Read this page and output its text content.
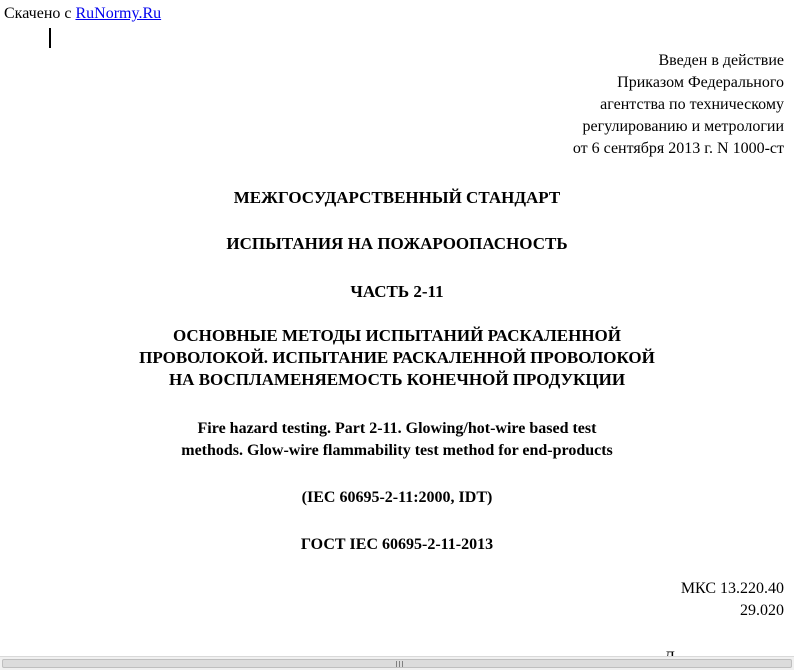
Скачено с RuNormy.Ru
Введен в действие
Приказом Федерального
агентства по техническому
регулированию и метрологии
от 6 сентября 2013 г. N 1000-ст
МЕЖГОСУДАРСТВЕННЫЙ СТАНДАРТ
ИСПЫТАНИЯ НА ПОЖАРООПАСНОСТЬ
ЧАСТЬ 2-11
ОСНОВНЫЕ МЕТОДЫ ИСПЫТАНИЙ РАСКАЛЕННОЙ
ПРОВОЛОКОЙ. ИСПЫТАНИЕ РАСКАЛЕННОЙ ПРОВОЛОКОЙ
НА ВОСПЛАМЕНЯЕМОСТЬ КОНЕЧНОЙ ПРОДУКЦИИ
Fire hazard testing. Part 2-11. Glowing/hot-wire based test
methods. Glow-wire flammability test method for end-products
(IEC 60695-2-11:2000, IDT)
ГОСТ IEC 60695-2-11-2013
МКС 13.220.40
29.020
